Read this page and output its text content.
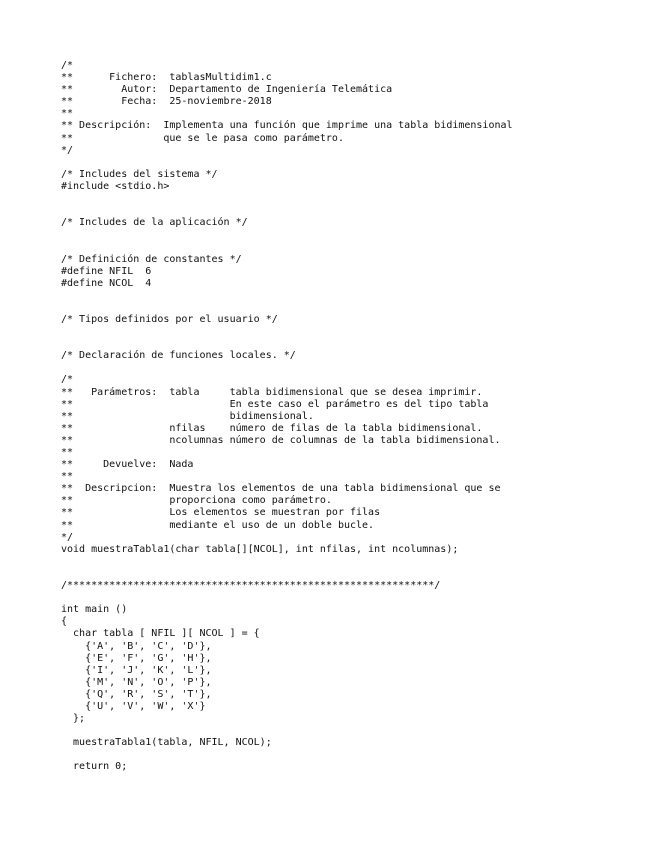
/*
**      Fichero:  tablasMultidim1.c
**        Autor:  Departamento de Ingeniería Telemática
**        Fecha:  25-noviembre-2018
**
** Descripción:  Implementa una función que imprime una tabla bidimensional
**               que se le pasa como parámetro.
*/
/* Includes del sistema */
#include <stdio.h>
/* Includes de la aplicación */
/* Definición de constantes */
#define NFIL  6
#define NCOL  4
/* Tipos definidos por el usuario */
/* Declaración de funciones locales. */
/*
**   Parámetros:  tabla     tabla bidimensional que se desea imprimir.
**                          En este caso el parámetro es del tipo tabla
**                          bidimensional.
**                nfilas    número de filas de la tabla bidimensional.
**                ncolumnas número de columnas de la tabla bidimensional.
**
**     Devuelve:  Nada
**
**  Descripcion:  Muestra los elementos de una tabla bidimensional que se
**                proporciona como parámetro.
**                Los elementos se muestran por filas
**                mediante el uso de un doble bucle.
*/
void muestraTabla1(char tabla[][NCOL], int nfilas, int ncolumnas);
/*************************************************************/
int main ()
{
char tabla [ NFIL ][ NCOL ] = {
{'A', 'B', 'C', 'D'},
{'E', 'F', 'G', 'H'},
{'I', 'J', 'K', 'L'},
{'M', 'N', 'O', 'P'},
{'Q', 'R', 'S', 'T'},
{'U', 'V', 'W', 'X'}
};
muestraTabla1(tabla, NFIL, NCOL);
return 0;
